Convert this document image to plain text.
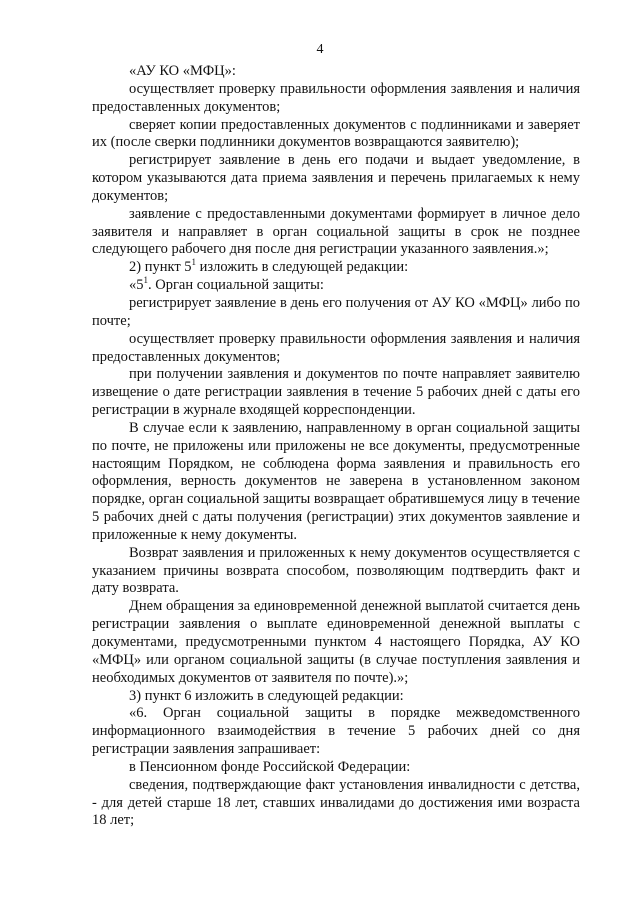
4

«АУ КО «МФЦ»:

осуществляет проверку правильности оформления заявления и наличия предоставленных документов;

сверяет копии предоставленных документов с подлинниками и заверяет их (после сверки подлинники документов возвращаются заявителю);

регистрирует заявление в день его подачи и выдает уведомление, в котором указываются дата приема заявления и перечень прилагаемых к нему документов;

заявление с предоставленными документами формирует в личное дело заявителя и направляет в орган социальной защиты в срок не позднее следующего рабочего дня после дня регистрации указанного заявления.»;

2) пункт $5^1$ изложить в следующей редакции:

«$5^1$. Орган социальной защиты:

регистрирует заявление в день его получения от АУ КО «МФЦ» либо по почте;

осуществляет проверку правильности оформления заявления и наличия предоставленных документов;

при получении заявления и документов по почте направляет заявителю извещение о дате регистрации заявления в течение 5 рабочих дней с даты его регистрации в журнале входящей корреспонденции.

В случае если к заявлению, направленному в орган социальной защиты по почте, не приложены или приложены не все документы, предусмотренные настоящим Порядком, не соблюдена форма заявления и правильность его оформления, верность документов не заверена в установленном законом порядке, орган социальной защиты возвращает обратившемуся лицу в течение 5 рабочих дней с даты получения (регистрации) этих документов заявление и приложенные к нему документы.

Возврат заявления и приложенных к нему документов осуществляется с указанием причины возврата способом, позволяющим подтвердить факт и дату возврата.

Днем обращения за единовременной денежной выплатой считается день регистрации заявления о выплате единовременной денежной выплаты с документами, предусмотренными пунктом 4 настоящего Порядка, АУ КО «МФЦ» или органом социальной защиты (в случае поступления заявления и необходимых документов от заявителя по почте).»;

3) пункт 6 изложить в следующей редакции:

«6. Орган социальной защиты в порядке межведомственного информационного взаимодействия в течение 5 рабочих дней со дня регистрации заявления запрашивает:

в Пенсионном фонде Российской Федерации:

сведения, подтверждающие факт установления инвалидности с детства, - для детей старше 18 лет, ставших инвалидами до достижения ими возраста 18 лет;
